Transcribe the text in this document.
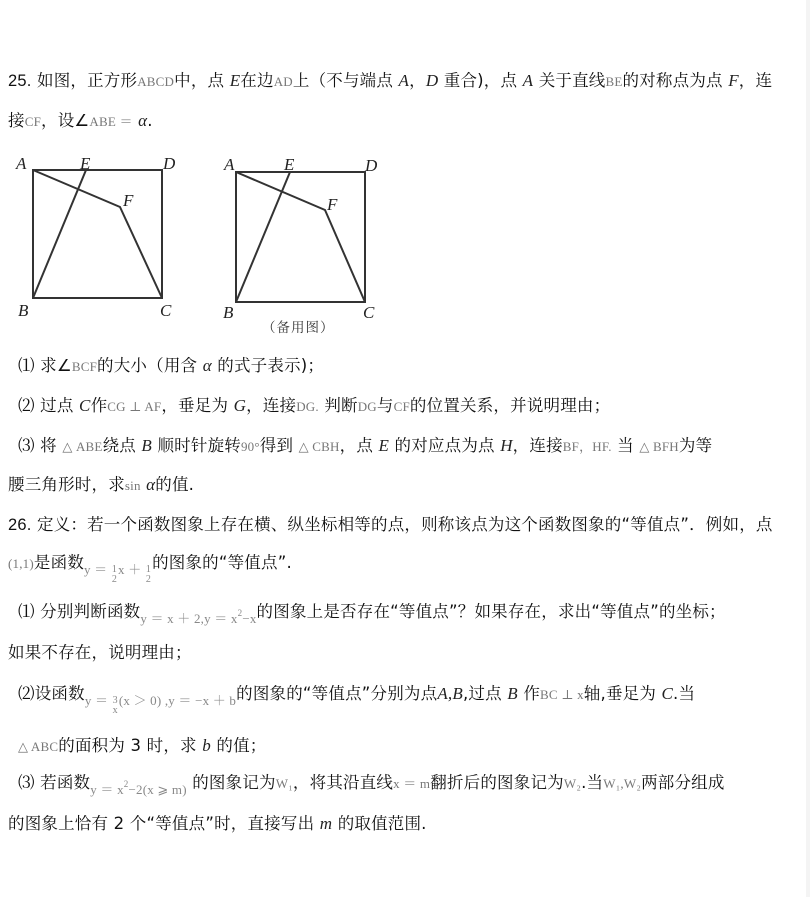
25. 如图，正方形ABCD中，点 E在边AD上（不与端点 A，D 重合)，点 A 关于直线BE的对称点为点 F，连
接CF，设∠ABE ＝ α.
A	E	D
F
B	C
A	E	D
F
B	C
（备用图）
⑴ 求∠BCF的大小（用含 α 的式子表示)；
⑵ 过点 C作CG ⊥ AF，垂足为 G，连接DG. 判断DG与CF的位置关系，并说明理由；
⑶ 将 △ ABE绕点 B 顺时针旋转90°得到 △ CBH，点 E 的对应点为点 H，连接BF，HF. 当 △ BFH为等
腰三角形时，求sin α的值.
26. 定义：若一个函数图象上存在横、纵坐标相等的点，则称该点为这个函数图象的“等值点”．例如，点
(1,1)是函数$_{y = 1 2 x + 1 2}$
的图象的“等值点”.
⑴ 分别判断函数$_{y = x + 2,y = x^2-x}$的图象上是否存在“等值点”？如果存在，求出“等值点”的坐标；
如果不存在，说明理由；
⑵设函数$_{y = 3 x (x > 0) ,y = -x + b}$的图象的“等值点”分别为点A,B,过点 B 作BC ⊥ x轴,垂足为 C.当
△ ABC的面积为 3 时，求 b 的值；
⑶ 若函数$_{y = x^2-2(x ⩾ m)}$ 的图象记为W₁，将其沿直线x ＝ m翻折后的图象记为W₂.当W₁,W₂两部分组成
的图象上恰有 2 个“等值点”时，直接写出 m 的取值范围.
